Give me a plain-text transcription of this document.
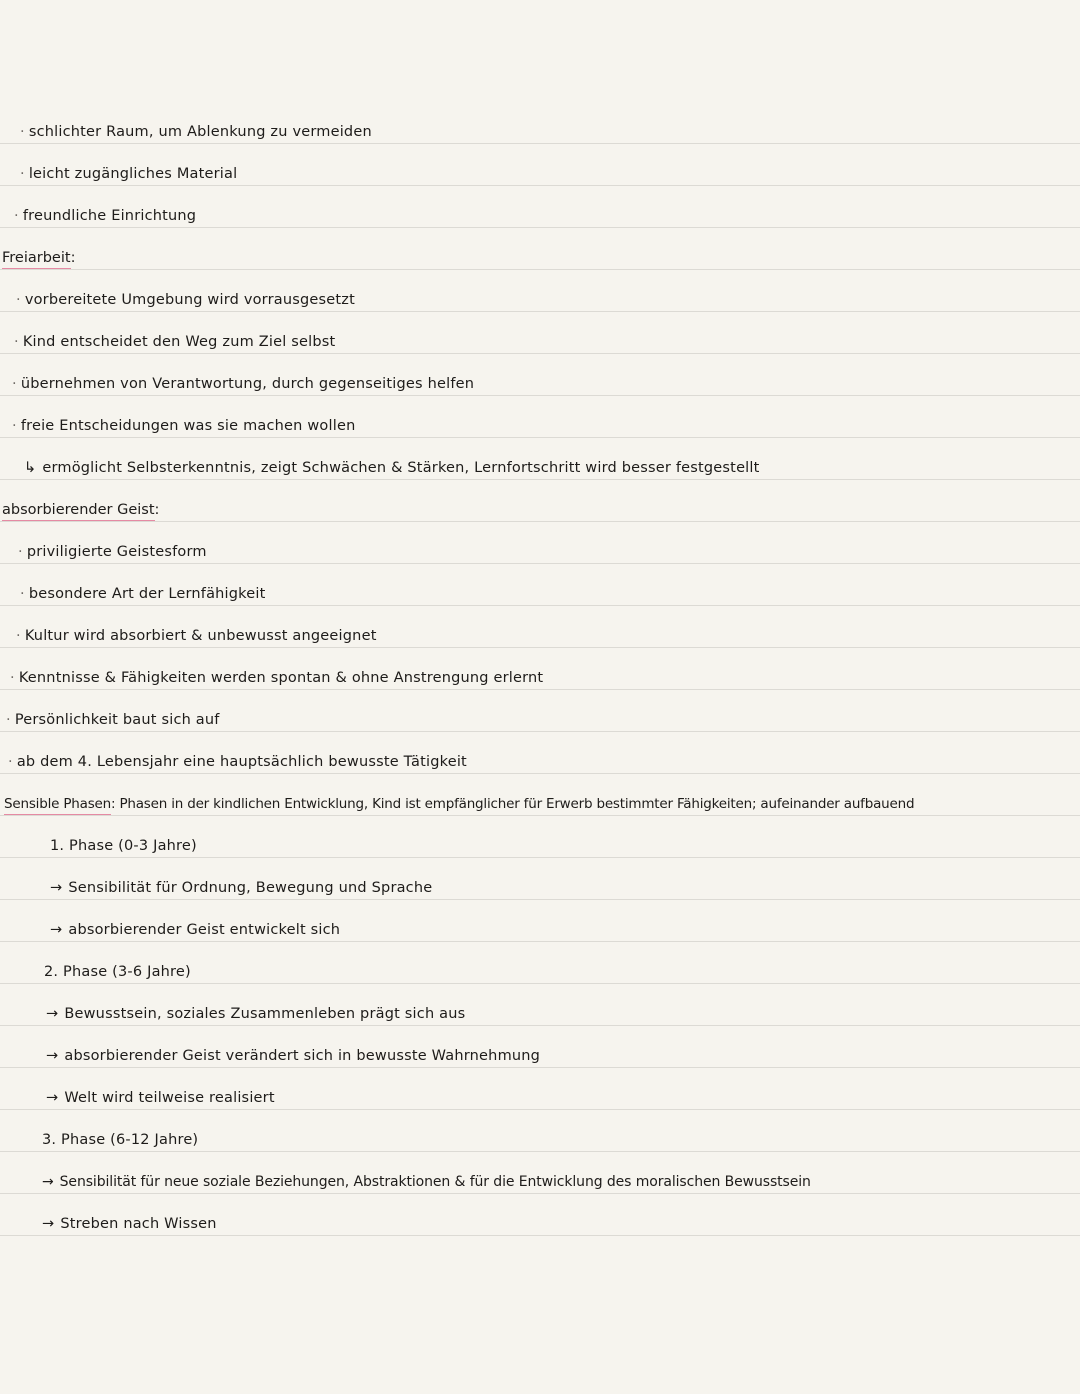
· schlichter Raum, um Ablenkung zu vermeiden
· leicht zugängliches Material
· freundliche Einrichtung
Freiarbeit:
· vorbereitete Umgebung wird vorrausgesetzt
· Kind entscheidet den Weg zum Ziel selbst
· übernehmen von Verantwortung, durch gegenseitiges helfen
· freie Entscheidungen was sie machen wollen
↳ ermöglicht Selbsterkenntnis, zeigt Schwächen & Stärken, Lernfortschritt wird besser festgestellt
absorbierender Geist:
· priviligierte Geistesform
· besondere Art der Lernfähigkeit
· Kultur wird absorbiert & unbewusst angeeignet
· Kenntnisse & Fähigkeiten werden spontan & ohne Anstrengung erlernt
· Persönlichkeit baut sich auf
· ab dem 4. Lebensjahr eine hauptsächlich bewusste Tätigkeit
Sensible Phasen: Phasen in der kindlichen Entwicklung, Kind ist empfänglicher für Erwerb bestimmter Fähigkeiten; aufeinander aufbauend
1. Phase (0-3 Jahre)
→ Sensibilität für Ordnung, Bewegung und Sprache
→ absorbierender Geist entwickelt sich
2. Phase (3-6 Jahre)
→ Bewusstsein, soziales Zusammenleben prägt sich aus
→ absorbierender Geist verändert sich in bewusste Wahrnehmung
→ Welt wird teilweise realisiert
3. Phase (6-12 Jahre)
→ Sensibilität für neue soziale Beziehungen, Abstraktionen & für die Entwicklung des moralischen Bewusstsein
→ Streben nach Wissen
